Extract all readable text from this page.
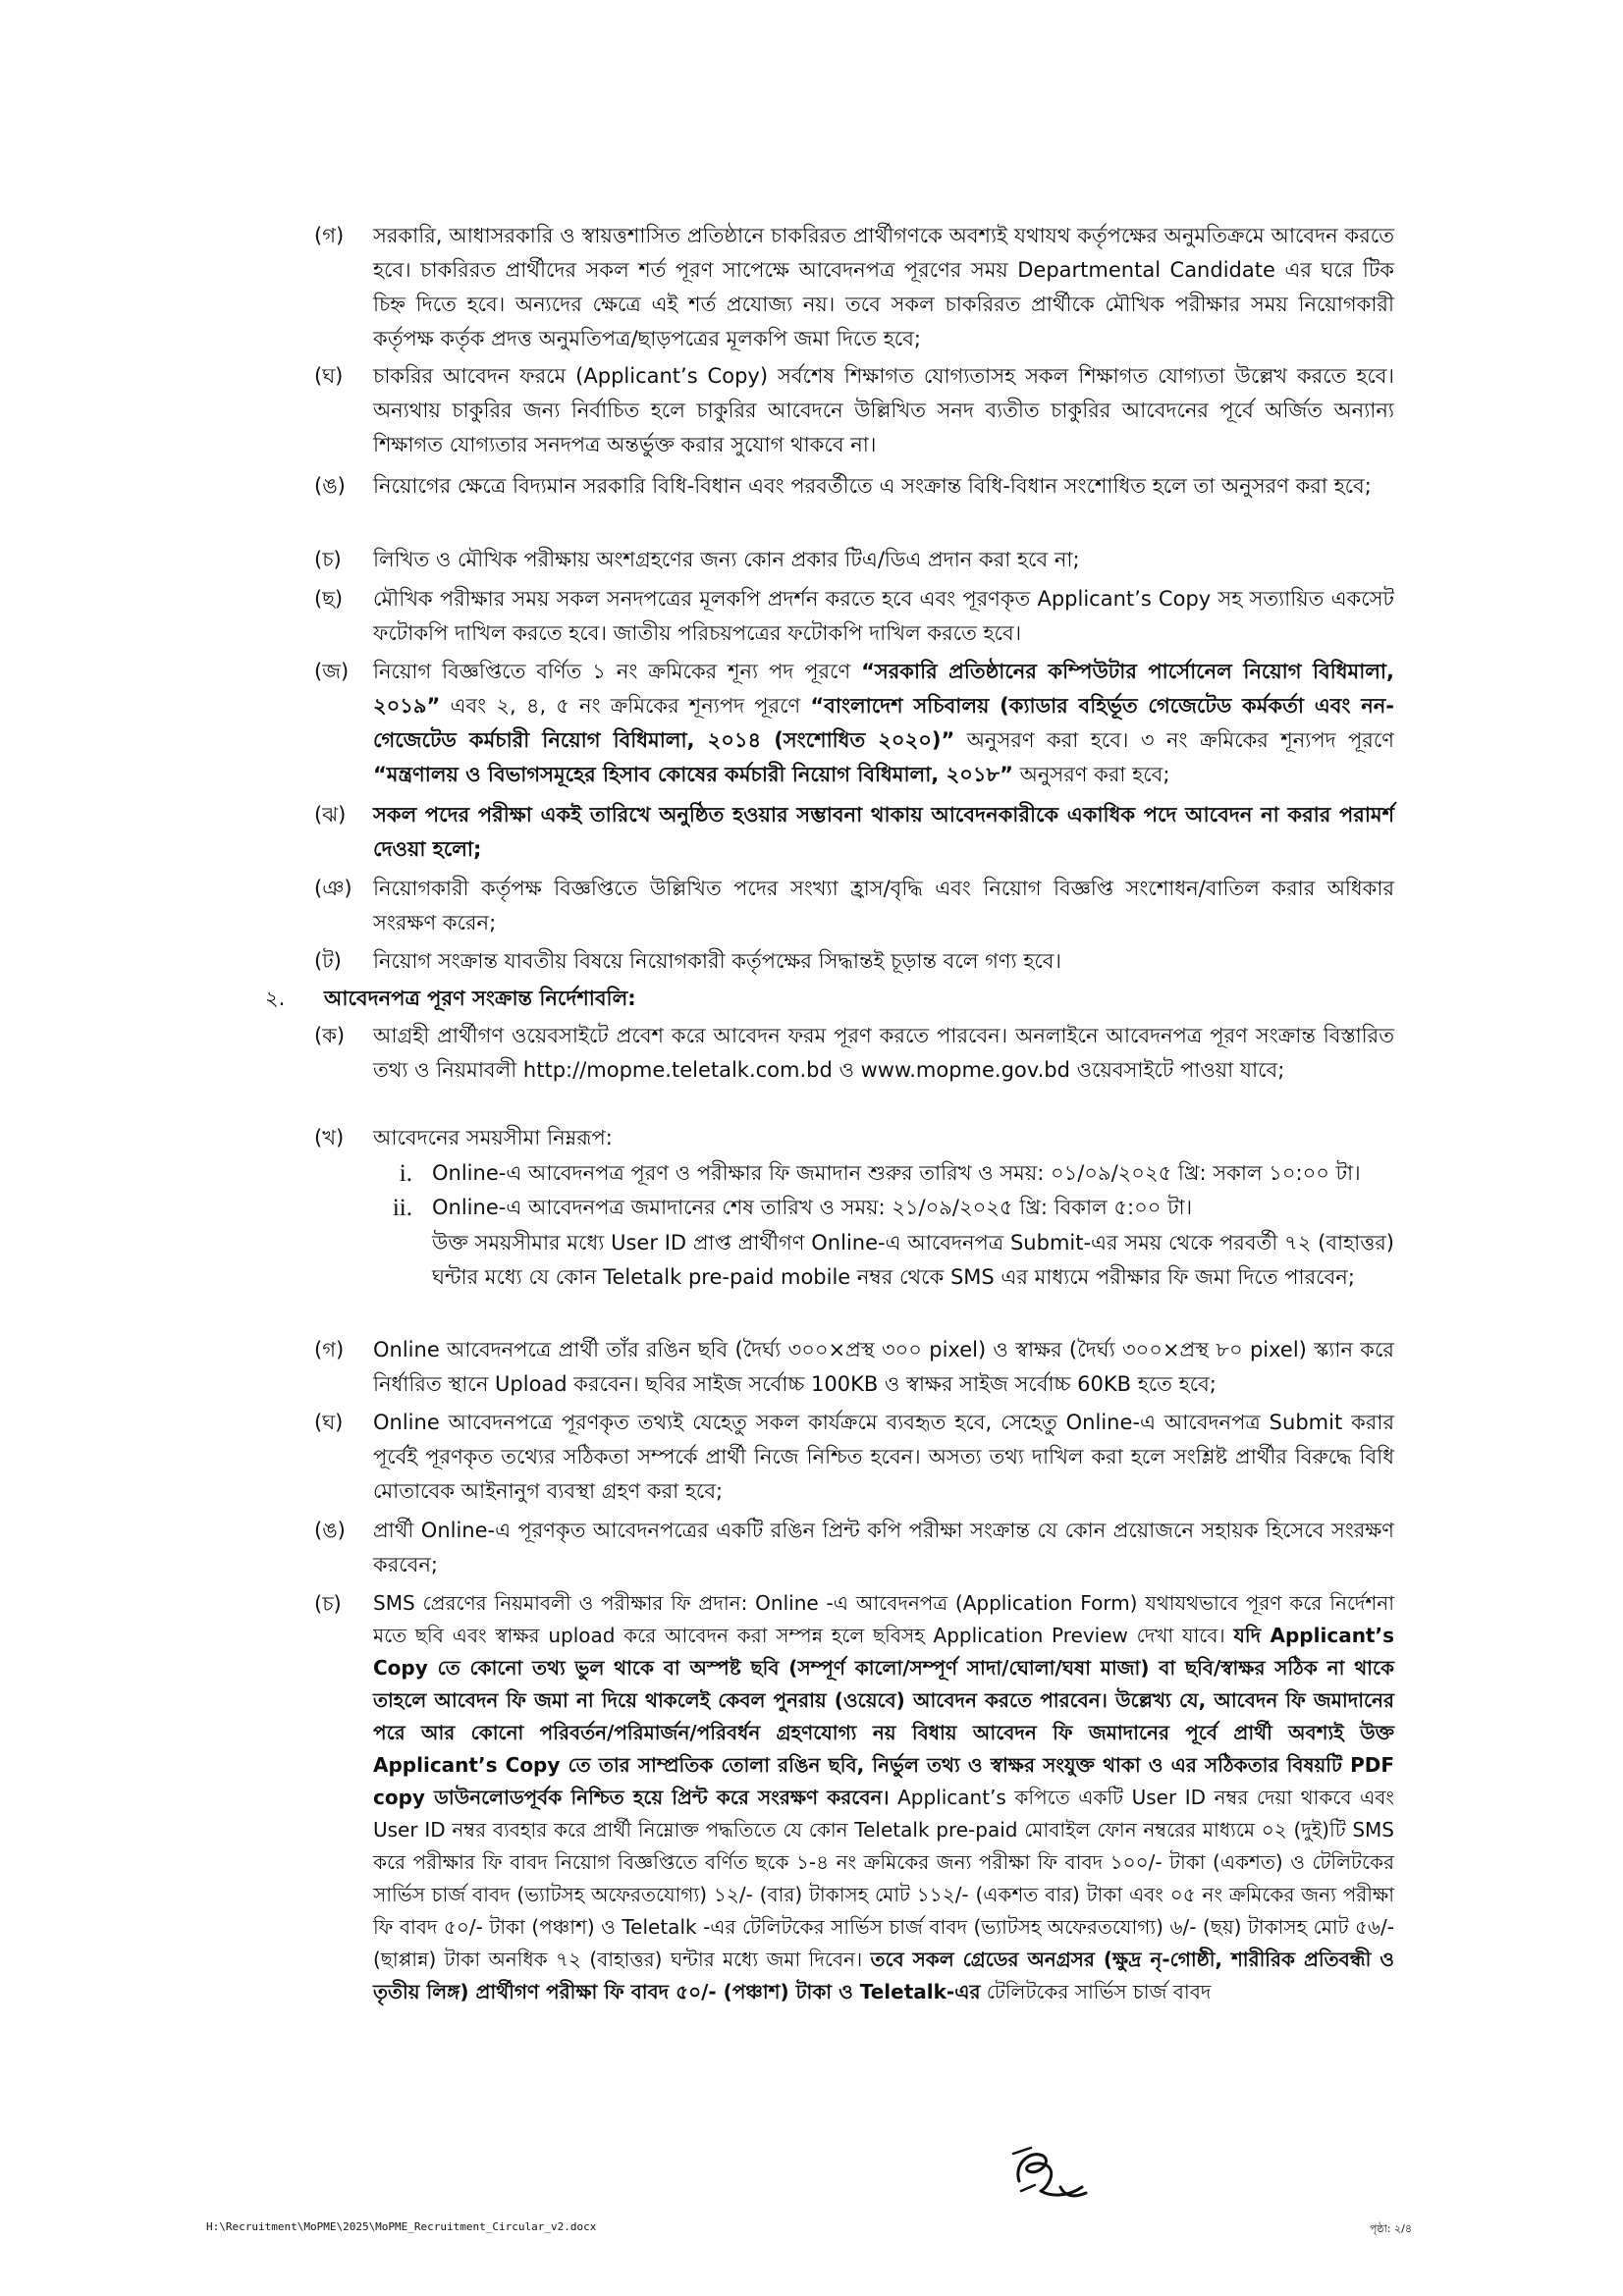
(গ)	সরকারি, আধাসরকারি ও স্বায়ত্তশাসিত প্রতিষ্ঠানে চাকরিরত প্রার্থীগণকে অবশ্যই যথাযথ কর্তৃপক্ষের অনুমতিক্রমে আবেদন করতে হবে। চাকরিরত প্রার্থীদের সকল শর্ত পূরণ সাপেক্ষে আবেদনপত্র পূরণের সময় Departmental Candidate এর ঘরে টিক চিহ্ন দিতে হবে। অন্যদের ক্ষেত্রে এই শর্ত প্রযোজ্য নয়। তবে সকল চাকরিরত প্রার্থীকে মৌখিক পরীক্ষার সময় নিয়োগকারী কর্তৃপক্ষ কর্তৃক প্রদত্ত অনুমতিপত্র/ছাড়পত্রের মূলকপি জমা দিতে হবে;
(ঘ)	চাকরির আবেদন ফরমে (Applicant’s Copy) সর্বশেষ শিক্ষাগত যোগ্যতাসহ সকল শিক্ষাগত যোগ্যতা উল্লেখ করতে হবে। অন্যথায় চাকুরির জন্য নির্বাচিত হলে চাকুরির আবেদনে উল্লিখিত সনদ ব্যতীত চাকুরির আবেদনের পূর্বে অর্জিত অন্যান্য শিক্ষাগত যোগ্যতার সনদপত্র অন্তর্ভুক্ত করার সুযোগ থাকবে না।
(ঙ)	নিয়োগের ক্ষেত্রে বিদ্যমান সরকারি বিধি-বিধান এবং পরবর্তীতে এ সংক্রান্ত বিধি-বিধান সংশোধিত হলে তা অনুসরণ করা হবে;
(চ)	লিখিত ও মৌখিক পরীক্ষায় অংশগ্রহণের জন্য কোন প্রকার টিএ/ডিএ প্রদান করা হবে না;
(ছ)	মৌখিক পরীক্ষার সময় সকল সনদপত্রের মূলকপি প্রদর্শন করতে হবে এবং পূরণকৃত Applicant’s Copy সহ সত্যায়িত একসেট ফটোকপি দাখিল করতে হবে। জাতীয় পরিচয়পত্রের ফটোকপি দাখিল করতে হবে।
(জ)	নিয়োগ বিজ্ঞপ্তিতে বর্ণিত ১ নং ক্রমিকের শূন্য পদ পূরণে “সরকারি প্রতিষ্ঠানের কম্পিউটার পার্সোনেল নিয়োগ বিধিমালা, ২০১৯” এবং ২, ৪, ৫ নং ক্রমিকের শূন্যপদ পূরণে “বাংলাদেশ সচিবালয় (ক্যাডার বহির্ভূত গেজেটেড কর্মকর্তা এবং নন-গেজেটেড কর্মচারী নিয়োগ বিধিমালা, ২০১৪ (সংশোধিত ২০২০)” অনুসরণ করা হবে। ৩ নং ক্রমিকের শূন্যপদ পূরণে “মন্ত্রণালয় ও বিভাগসমূহের হিসাব কোষের কর্মচারী নিয়োগ বিধিমালা, ২০১৮” অনুসরণ করা হবে;
(ঝ)	সকল পদের পরীক্ষা একই তারিখে অনুষ্ঠিত হওয়ার সম্ভাবনা থাকায় আবেদনকারীকে একাধিক পদে আবেদন না করার পরামর্শ দেওয়া হলো;
(ঞ)	নিয়োগকারী কর্তৃপক্ষ বিজ্ঞপ্তিতে উল্লিখিত পদের সংখ্যা হ্রাস/বৃদ্ধি এবং নিয়োগ বিজ্ঞপ্তি সংশোধন/বাতিল করার অধিকার সংরক্ষণ করেন;
(ট)	নিয়োগ সংক্রান্ত যাবতীয় বিষয়ে নিয়োগকারী কর্তৃপক্ষের সিদ্ধান্তই চূড়ান্ত বলে গণ্য হবে।
২.	আবেদনপত্র পূরণ সংক্রান্ত নির্দেশাবলি:
(ক)	আগ্রহী প্রার্থীগণ ওয়েবসাইটে প্রবেশ করে আবেদন ফরম পূরণ করতে পারবেন। অনলাইনে আবেদনপত্র পূরণ সংক্রান্ত বিস্তারিত তথ্য ও নিয়মাবলী http://mopme.teletalk.com.bd ও www.mopme.gov.bd ওয়েবসাইটে পাওয়া যাবে;
(খ)	আবেদনের সময়সীমা নিম্নরূপ:
i. Online-এ আবেদনপত্র পূরণ ও পরীক্ষার ফি জমাদান শুরুর তারিখ ও সময়: ০১/০৯/২০২৫ খ্রি: সকাল ১০:০০ টা।
ii. Online-এ আবেদনপত্র জমাদানের শেষ তারিখ ও সময়: ২১/০৯/২০২৫ খ্রি: বিকাল ৫:০০ টা।
উক্ত সময়সীমার মধ্যে User ID প্রাপ্ত প্রার্থীগণ Online-এ আবেদনপত্র Submit-এর সময় থেকে পরবর্তী ৭২ (বাহাত্তর) ঘন্টার মধ্যে যে কোন Teletalk pre-paid mobile নম্বর থেকে SMS এর মাধ্যমে পরীক্ষার ফি জমা দিতে পারবেন;
(গ)	Online আবেদনপত্রে প্রার্থী তাঁর রঙিন ছবি (দৈর্ঘ্য ৩০০×প্রস্থ ৩০০ pixel) ও স্বাক্ষর (দৈর্ঘ্য ৩০০×প্রস্থ ৮০ pixel) স্ক্যান করে নির্ধারিত স্থানে Upload করবেন। ছবির সাইজ সর্বোচ্চ 100KB ও স্বাক্ষর সাইজ সর্বোচ্চ 60KB হতে হবে;
(ঘ)	Online আবেদনপত্রে পূরণকৃত তথ্যই যেহেতু সকল কার্যক্রমে ব্যবহৃত হবে, সেহেতু Online-এ আবেদনপত্র Submit করার পূর্বেই পূরণকৃত তথ্যের সঠিকতা সম্পর্কে প্রার্থী নিজে নিশ্চিত হবেন। অসত্য তথ্য দাখিল করা হলে সংশ্লিষ্ট প্রার্থীর বিরুদ্ধে বিধি মোতাবেক আইনানুগ ব্যবস্থা গ্রহণ করা হবে;
(ঙ)	প্রার্থী Online-এ পূরণকৃত আবেদনপত্রের একটি রঙিন প্রিন্ট কপি পরীক্ষা সংক্রান্ত যে কোন প্রয়োজনে সহায়ক হিসেবে সংরক্ষণ করবেন;
(চ)	SMS প্রেরণের নিয়মাবলী ও পরীক্ষার ফি প্রদান: Online -এ আবেদনপত্র (Application Form) যথাযথভাবে পূরণ করে নির্দেশনা মতে ছবি এবং স্বাক্ষর upload করে আবেদন করা সম্পন্ন হলে ছবিসহ Application Preview দেখা যাবে। যদি Applicant’s Copy তে কোনো তথ্য ভুল থাকে বা অস্পষ্ট ছবি (সম্পূর্ণ কালো/সম্পূর্ণ সাদা/ঘোলা/ঘষা মাজা) বা ছবি/স্বাক্ষর সঠিক না থাকে তাহলে আবেদন ফি জমা না দিয়ে থাকলেই কেবল পুনরায় (ওয়েবে) আবেদন করতে পারবেন। উল্লেখ্য যে, আবেদন ফি জমাদানের পরে আর কোনো পরিবর্তন/পরিমার্জন/পরিবর্ধন গ্রহণযোগ্য নয় বিধায় আবেদন ফি জমাদানের পূর্বে প্রার্থী অবশ্যই উক্ত Applicant’s Copy তে তার সাম্প্রতিক তোলা রঙিন ছবি, নির্ভুল তথ্য ও স্বাক্ষর সংযুক্ত থাকা ও এর সঠিকতার বিষয়টি PDF copy ডাউনলোডপূর্বক নিশ্চিত হয়ে প্রিন্ট করে সংরক্ষণ করবেন। Applicant’s কপিতে একটি User ID নম্বর দেয়া থাকবে এবং User ID নম্বর ব্যবহার করে প্রার্থী নিম্নোক্ত পদ্ধতিতে যে কোন Teletalk pre-paid মোবাইল ফোন নম্বরের মাধ্যমে ০২ (দুই)টি SMS করে পরীক্ষার ফি বাবদ নিয়োগ বিজ্ঞপ্তিতে বর্ণিত ছকে ১-৪ নং ক্রমিকের জন্য পরীক্ষা ফি বাবদ ১০০/- টাকা (একশত) ও টেলিটকের সার্ভিস চার্জ বাবদ (ভ্যাটসহ অফেরতযোগ্য) ১২/- (বার) টাকাসহ মোট ১১২/- (একশত বার) টাকা এবং ০৫ নং ক্রমিকের জন্য পরীক্ষা ফি বাবদ ৫০/- টাকা (পঞ্চাশ) ও Teletalk -এর টেলিটকের সার্ভিস চার্জ বাবদ (ভ্যাটসহ অফেরতযোগ্য) ৬/- (ছয়) টাকাসহ মোট ৫৬/- (ছাপ্পান্ন) টাকা অনধিক ৭২ (বাহাত্তর) ঘন্টার মধ্যে জমা দিবেন। তবে সকল গ্রেডের অনগ্রসর (ক্ষুদ্র নৃ-গোষ্ঠী, শারীরিক প্রতিবন্ধী ও তৃতীয় লিঙ্গ) প্রার্থীগণ পরীক্ষা ফি বাবদ ৫০/- (পঞ্চাশ) টাকা ও Teletalk-এর টেলিটকের সার্ভিস চার্জ বাবদ
H:\Recruitment\MoPME\2025\MoPME_Recruitment_Circular_v2.docx	পৃষ্ঠা: ২/৪
